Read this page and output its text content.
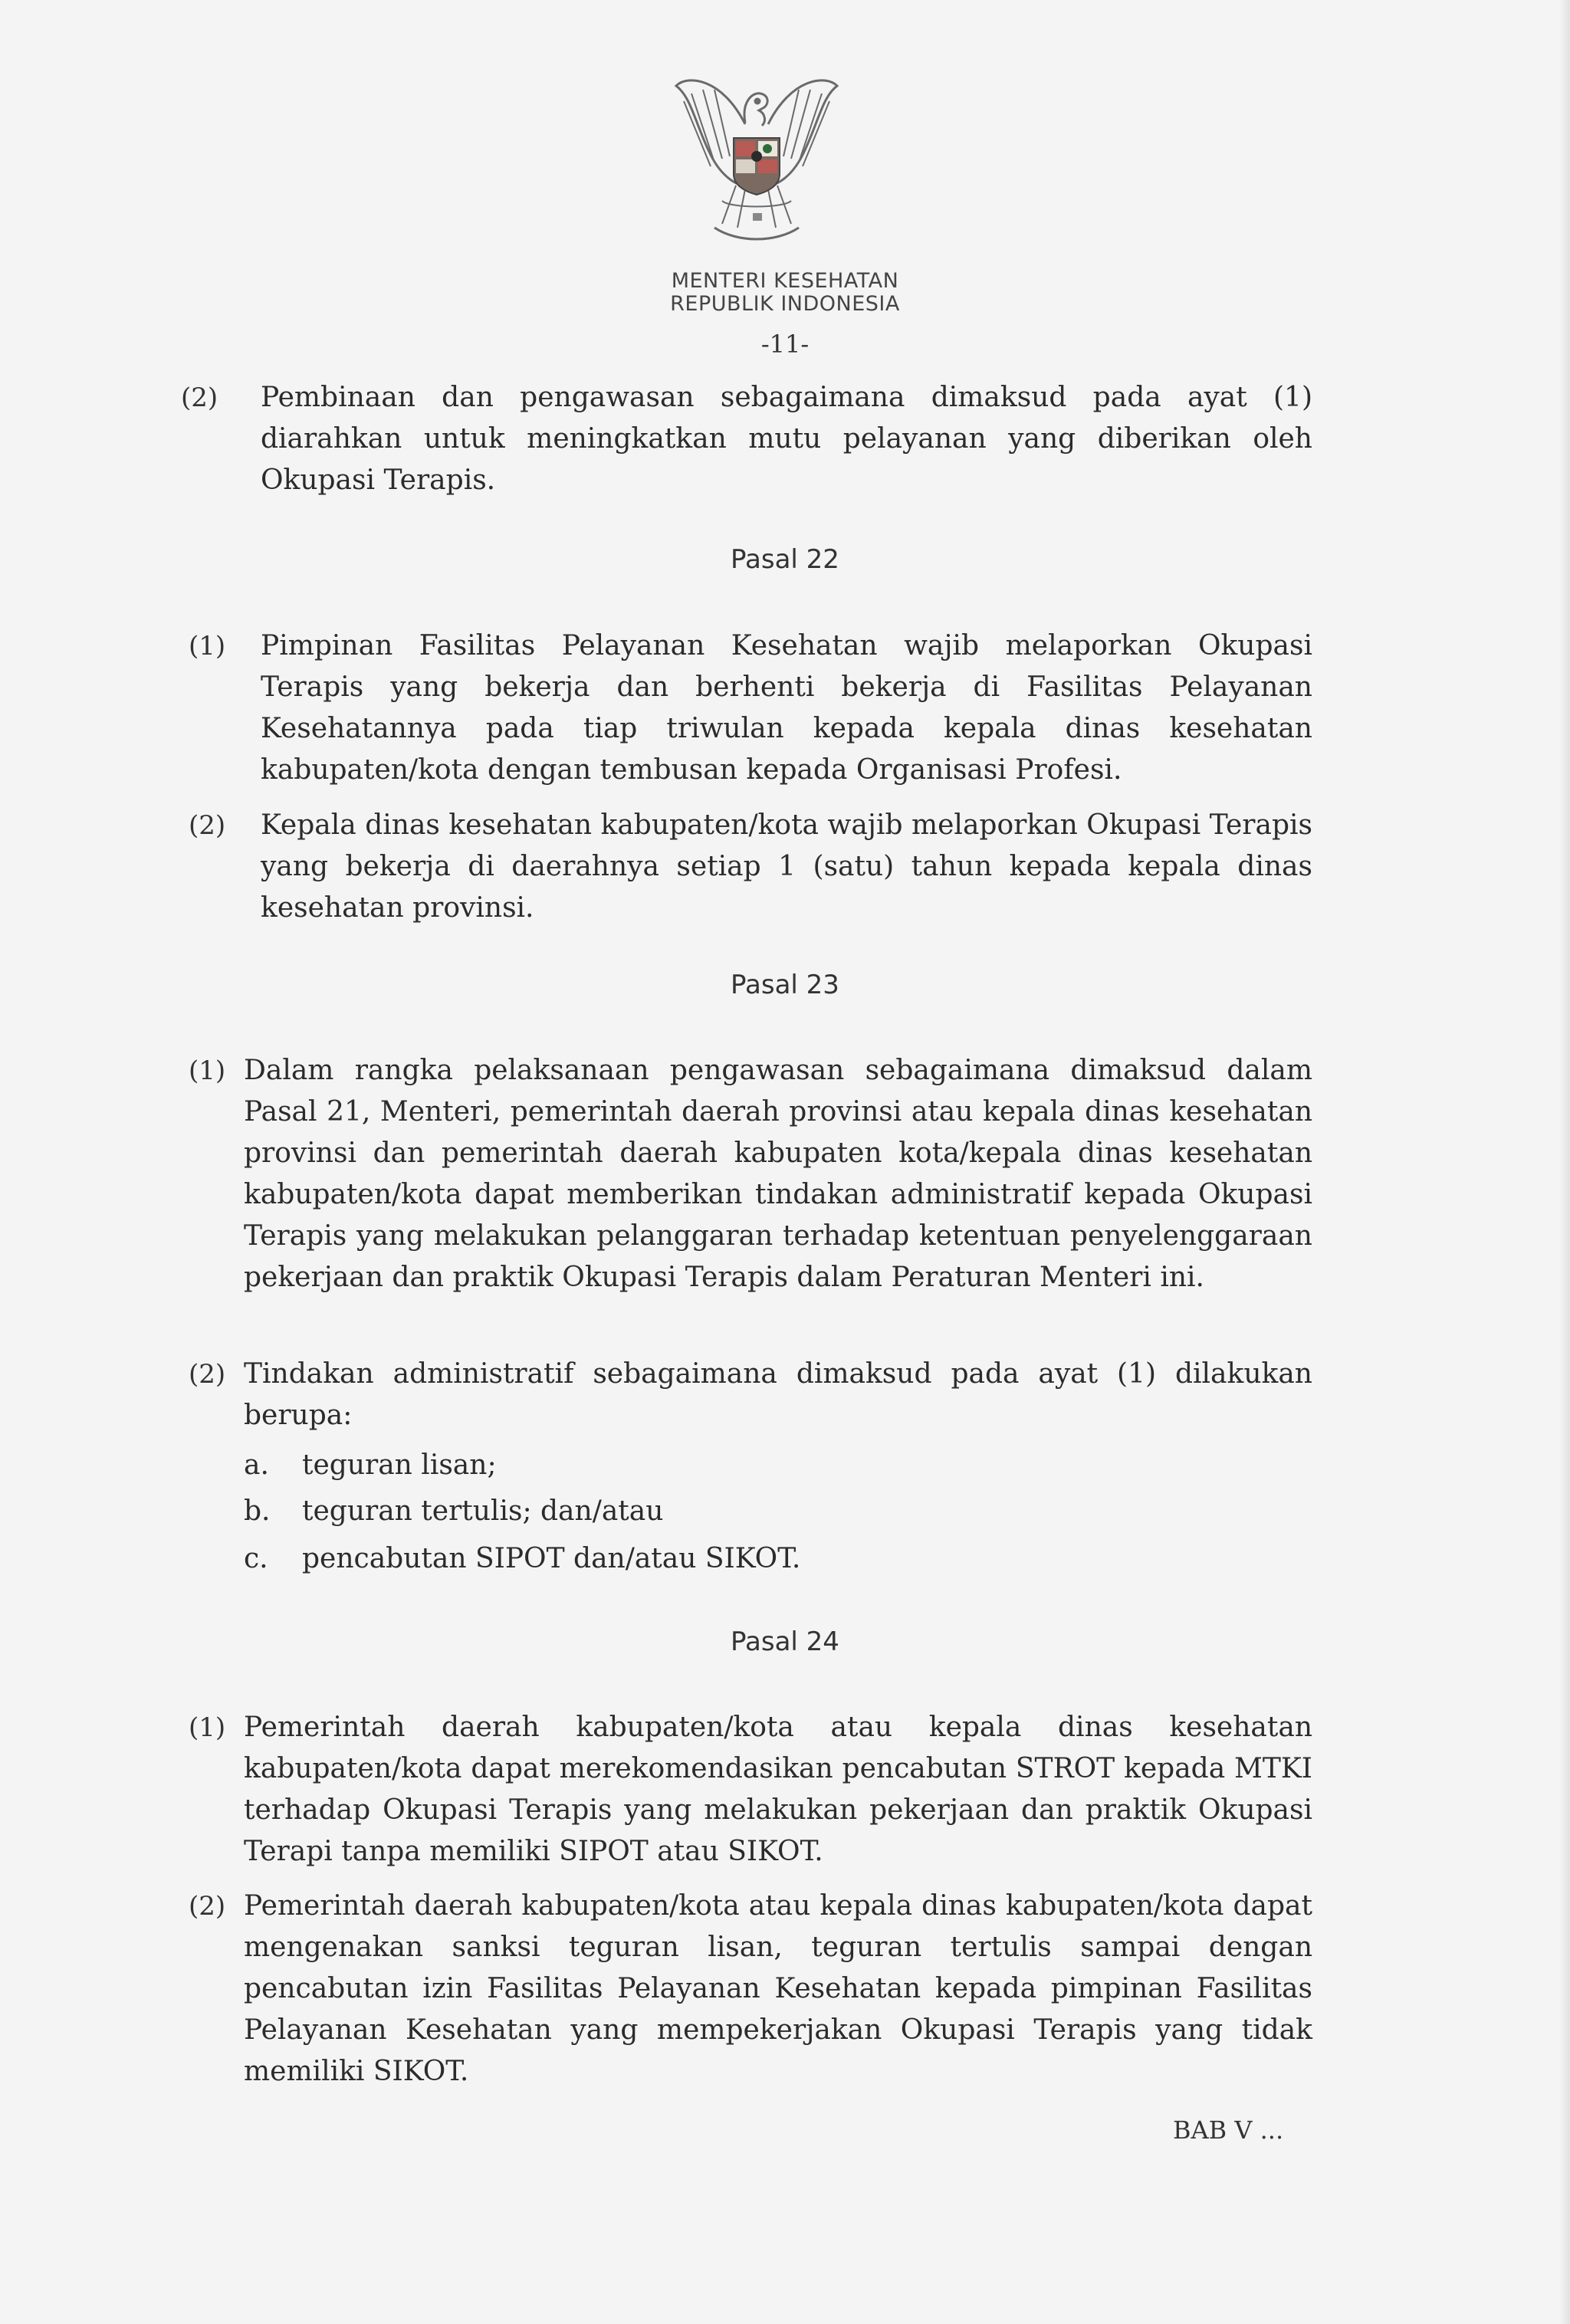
MENTERI KESEHATAN
REPUBLIK INDONESIA
-11-
(2) Pembinaan dan pengawasan sebagaimana dimaksud pada ayat (1) diarahkan untuk meningkatkan mutu pelayanan yang diberikan oleh Okupasi Terapis.
Pasal 22
(1) Pimpinan Fasilitas Pelayanan Kesehatan wajib melaporkan Okupasi Terapis yang bekerja dan berhenti bekerja di Fasilitas Pelayanan Kesehatannya pada tiap triwulan kepada kepala dinas kesehatan kabupaten/kota dengan tembusan kepada Organisasi Profesi.
(2) Kepala dinas kesehatan kabupaten/kota wajib melaporkan Okupasi Terapis yang bekerja di daerahnya setiap 1 (satu) tahun kepada kepala dinas kesehatan provinsi.
Pasal 23
(1) Dalam rangka pelaksanaan pengawasan sebagaimana dimaksud dalam Pasal 21, Menteri, pemerintah daerah provinsi atau kepala dinas kesehatan provinsi dan pemerintah daerah kabupaten kota/kepala dinas kesehatan kabupaten/kota dapat memberikan tindakan administratif kepada Okupasi Terapis yang melakukan pelanggaran terhadap ketentuan penyelenggaraan pekerjaan dan praktik Okupasi Terapis dalam Peraturan Menteri ini.
(2) Tindakan administratif sebagaimana dimaksud pada ayat (1) dilakukan berupa:
a.	teguran lisan;
b.	teguran tertulis; dan/atau
c.	pencabutan SIPOT dan/atau SIKOT.
Pasal 24
(1) Pemerintah daerah kabupaten/kota atau kepala dinas kesehatan kabupaten/kota dapat merekomendasikan pencabutan STROT kepada MTKI terhadap Okupasi Terapis yang melakukan pekerjaan dan praktik Okupasi Terapi tanpa memiliki SIPOT atau SIKOT.
(2) Pemerintah daerah kabupaten/kota atau kepala dinas kabupaten/kota dapat mengenakan sanksi teguran lisan, teguran tertulis sampai dengan pencabutan izin Fasilitas Pelayanan Kesehatan kepada pimpinan Fasilitas Pelayanan Kesehatan yang mempekerjakan Okupasi Terapis yang tidak memiliki SIKOT.
BAB V ...
